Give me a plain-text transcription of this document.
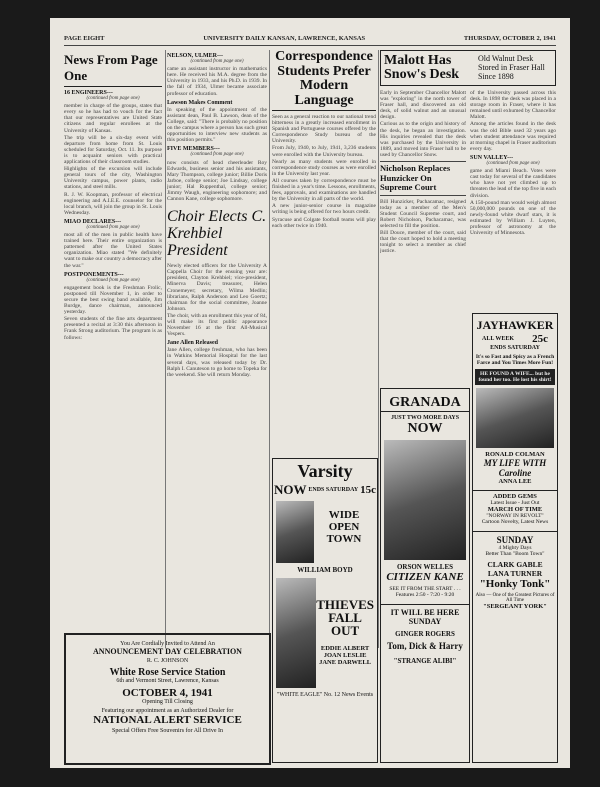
PAGE EIGHT	UNIVERSITY DAILY KANSAN, LAWRENCE, KANSAS	THURSDAY, OCTOBER 2, 1941
News From Page One
16 ENGINEERS---
(continued from page one)
member in charge of the groups, states that every so he has had to vouch for the fact that our representatives are United State citizens and regular enrollees at the University of Kansas.
The trip will be a six-day event with departure from home from St. Louis scheduled for Saturday, Oct. 11. Its purpose is to acquaint seniors with practical applications of their classroom studies.
Highlights of the excursion will include general tours of the city, Washington University campus, power plants, radio stations, and steel mills.
R. J. W. Koopman, professor of electrical engineering and A.I.E.E. counselor for the local branch, will join the group in St. Louis Wednesday.
MIAO DECLARES---
(continued from page one)
most all of the men in public health have trained here. Their entire organization is patterned after the United States organization. Miao stated "We definitely want to make our country a democracy after the war."
POSTPONEMENTS---
(continued from page one)
engagement book is the Freshman Frolic, postponed till November 1, in order to secure the best swing band available, Jim Burdge, dance chairman, announced yesterday.
Seven students of the fine arts department presented a recital at 3:30 this afternoon in Frank Strong auditorium. The program is as follows:
NELSON, ULMER---
(continued from page one)
came an assistant instructor in mathematics here. He received his M.A. degree from the University in 1933, and his Ph.D. in 1939. In the fall of 1934, Ulmer became associate professor of education.
Lawson Makes Comment
In speaking of the appointment of the assistant dean, Paul B. Lawson, dean of the College, said: "There is probably no position on the campus where a person has such great opportunities to interview new students as this position permits."
FIVE MEMBERS---
(continued from page one)
now consists of head cheerleader Roy Edwards, business senior and his assistants, Mary Thompson, college junior; Billie Doris Jarboe, college senior; Joe Lindsay, college junior; Hal Ruppenthal, college senior; Jimmy Waugh, engineering sophomore; and Cannon Kane, college sophomore.
Choir Elects C. Krehbiel President
Newly elected officers for the University A Cappella Choir for the ensuing year are: president, Clayton Krehbiel; vice-president, Minerva Davis; treasurer, Helen Cronemeyer; secretary, Wilma Medlin; librarians, Ralph Anderson and Leo Goertz; chairman for the social committee, Joanne Johnson.
The choir, with an enrollment this year of 84, will make its first public appearance November 16 at the first All-Musical Vespers.
Jane Allen Released
Jane Allen, college freshman, who has been in Watkins Memorial Hospital for the last several days, was released today by Dr. Ralph I. Canuteson to go home to Topeka for the weekend. She will return Monday.
Correspondence Students Prefer Modern Language
Seen as a general reaction to our national trend bitterness in a greatly increased enrollment in Spanish and Portuguese courses offered by the Correspondence Study bureau of the University.
From July, 1940, to July, 1941, 3,236 students were enrolled with the University bureau.
Nearly as many students were enrolled in correspondence study courses as were enrolled in the University last year.
All courses taken by correspondence must be finished in a year's time. Lessons, enrollments, fees, approvals, and examinations are handled by the University in all parts of the world.
A new junior-senior course in magazine writing is being offered for two hours credit.
Syracuse and Colgate football teams will play each other twice in 1940.
Malott Has Snow's Desk
Old Walnut Desk Stored in Fraser Hall Since 1898
Early in September Chancellor Malott was "exploring" in the north tower of Fraser hall, and discovered an old desk, of solid walnut and an unusual design.
Curious as to the origin and history of the desk, he began an investigation. His inquiries revealed that the desk was purchased by the University in 1889, and moved into Fraser hall to be used by Chancellor Snow.
Nicholson Replaces Hunzicker On Supreme Court
Bill Hunzicker, Pachacamac, resigned today as a member of the Men's Student Council Supreme court, and Robert Nicholson, Pachacamac, was selected to fill the position.
Bill Douce, member of the court, said that the court hoped to hold a meeting tonight to select a member as chief justice.
of the University passed across this desk. In 1898 the desk was placed in a storage room in Fraser, where it has remained until exhumed by Chancellor Malott.
Among the articles found in the desk was the old Bible used 32 years ago when student attendance was required at morning chapel in Fraser auditorium every day.
SUN VALLEY---
(continued from page one)
game and Miami Beach. Votes were cast today for several of the candidates who have not yet climbed up to threaten the lead of the top five in each division.
A 150-pound man would weigh almost 50,000,000 pounds on one of the newly-found white dwarf stars, it is estimated by William J. Luyten, professor of astronomy at the University of Minnesota.
Varsity
NOW ENDS SATURDAY 15c
WIDE OPEN TOWN
WILLIAM BOYD
THIEVES FALL OUT
EDDIE ALBERT JOAN LESLIE JANE DARWELL
"WHITE EAGLE" No. 12 News Events
GRANADA
JUST TWO MORE DAYS
NOW
ORSON WELLES
CITIZEN KANE
SEE IT FROM THE START . . .
Features 2:50 - 7:20 - 9:20
IT WILL BE HERE SUNDAY
GINGER ROGERS
Tom, Dick & Harry
"STRANGE ALIBI"
JAYHAWKER
ALL WEEK 25c
ENDS SATURDAY
It's so Fast and Spicy as a French Farce and You Times More Fun!
HE FOUND A WIFE... but he found her too. He lost his shirt!
RONALD COLMAN
MY LIFE WITH Caroline
ANNA LEE
ADDED GEMS
Latest Issue - Just Out
MARCH OF TIME
"NORWAY IN REVOLT"
Cartoon Novelty, Latest News
SUNDAY
4 Mighty Days
Better Than "Boom Town"
CLARK GABLE
LANA TURNER
"Honky Tonk"
Also — One of the Greatest Pictures of All Time
"SERGEANT YORK"
You Are Cordially Invited to Attend An
ANNOUNCEMENT DAY CELEBRATION
R. C. JOHNSON
White Rose Service Station
6th and Vermont Street, Lawrence, Kansas
OCTOBER 4, 1941
Opening Till Closing
Featuring our appointment as an Authorized Dealer for
NATIONAL ALERT SERVICE
Special Offers Free Souvenirs for All Drive In
